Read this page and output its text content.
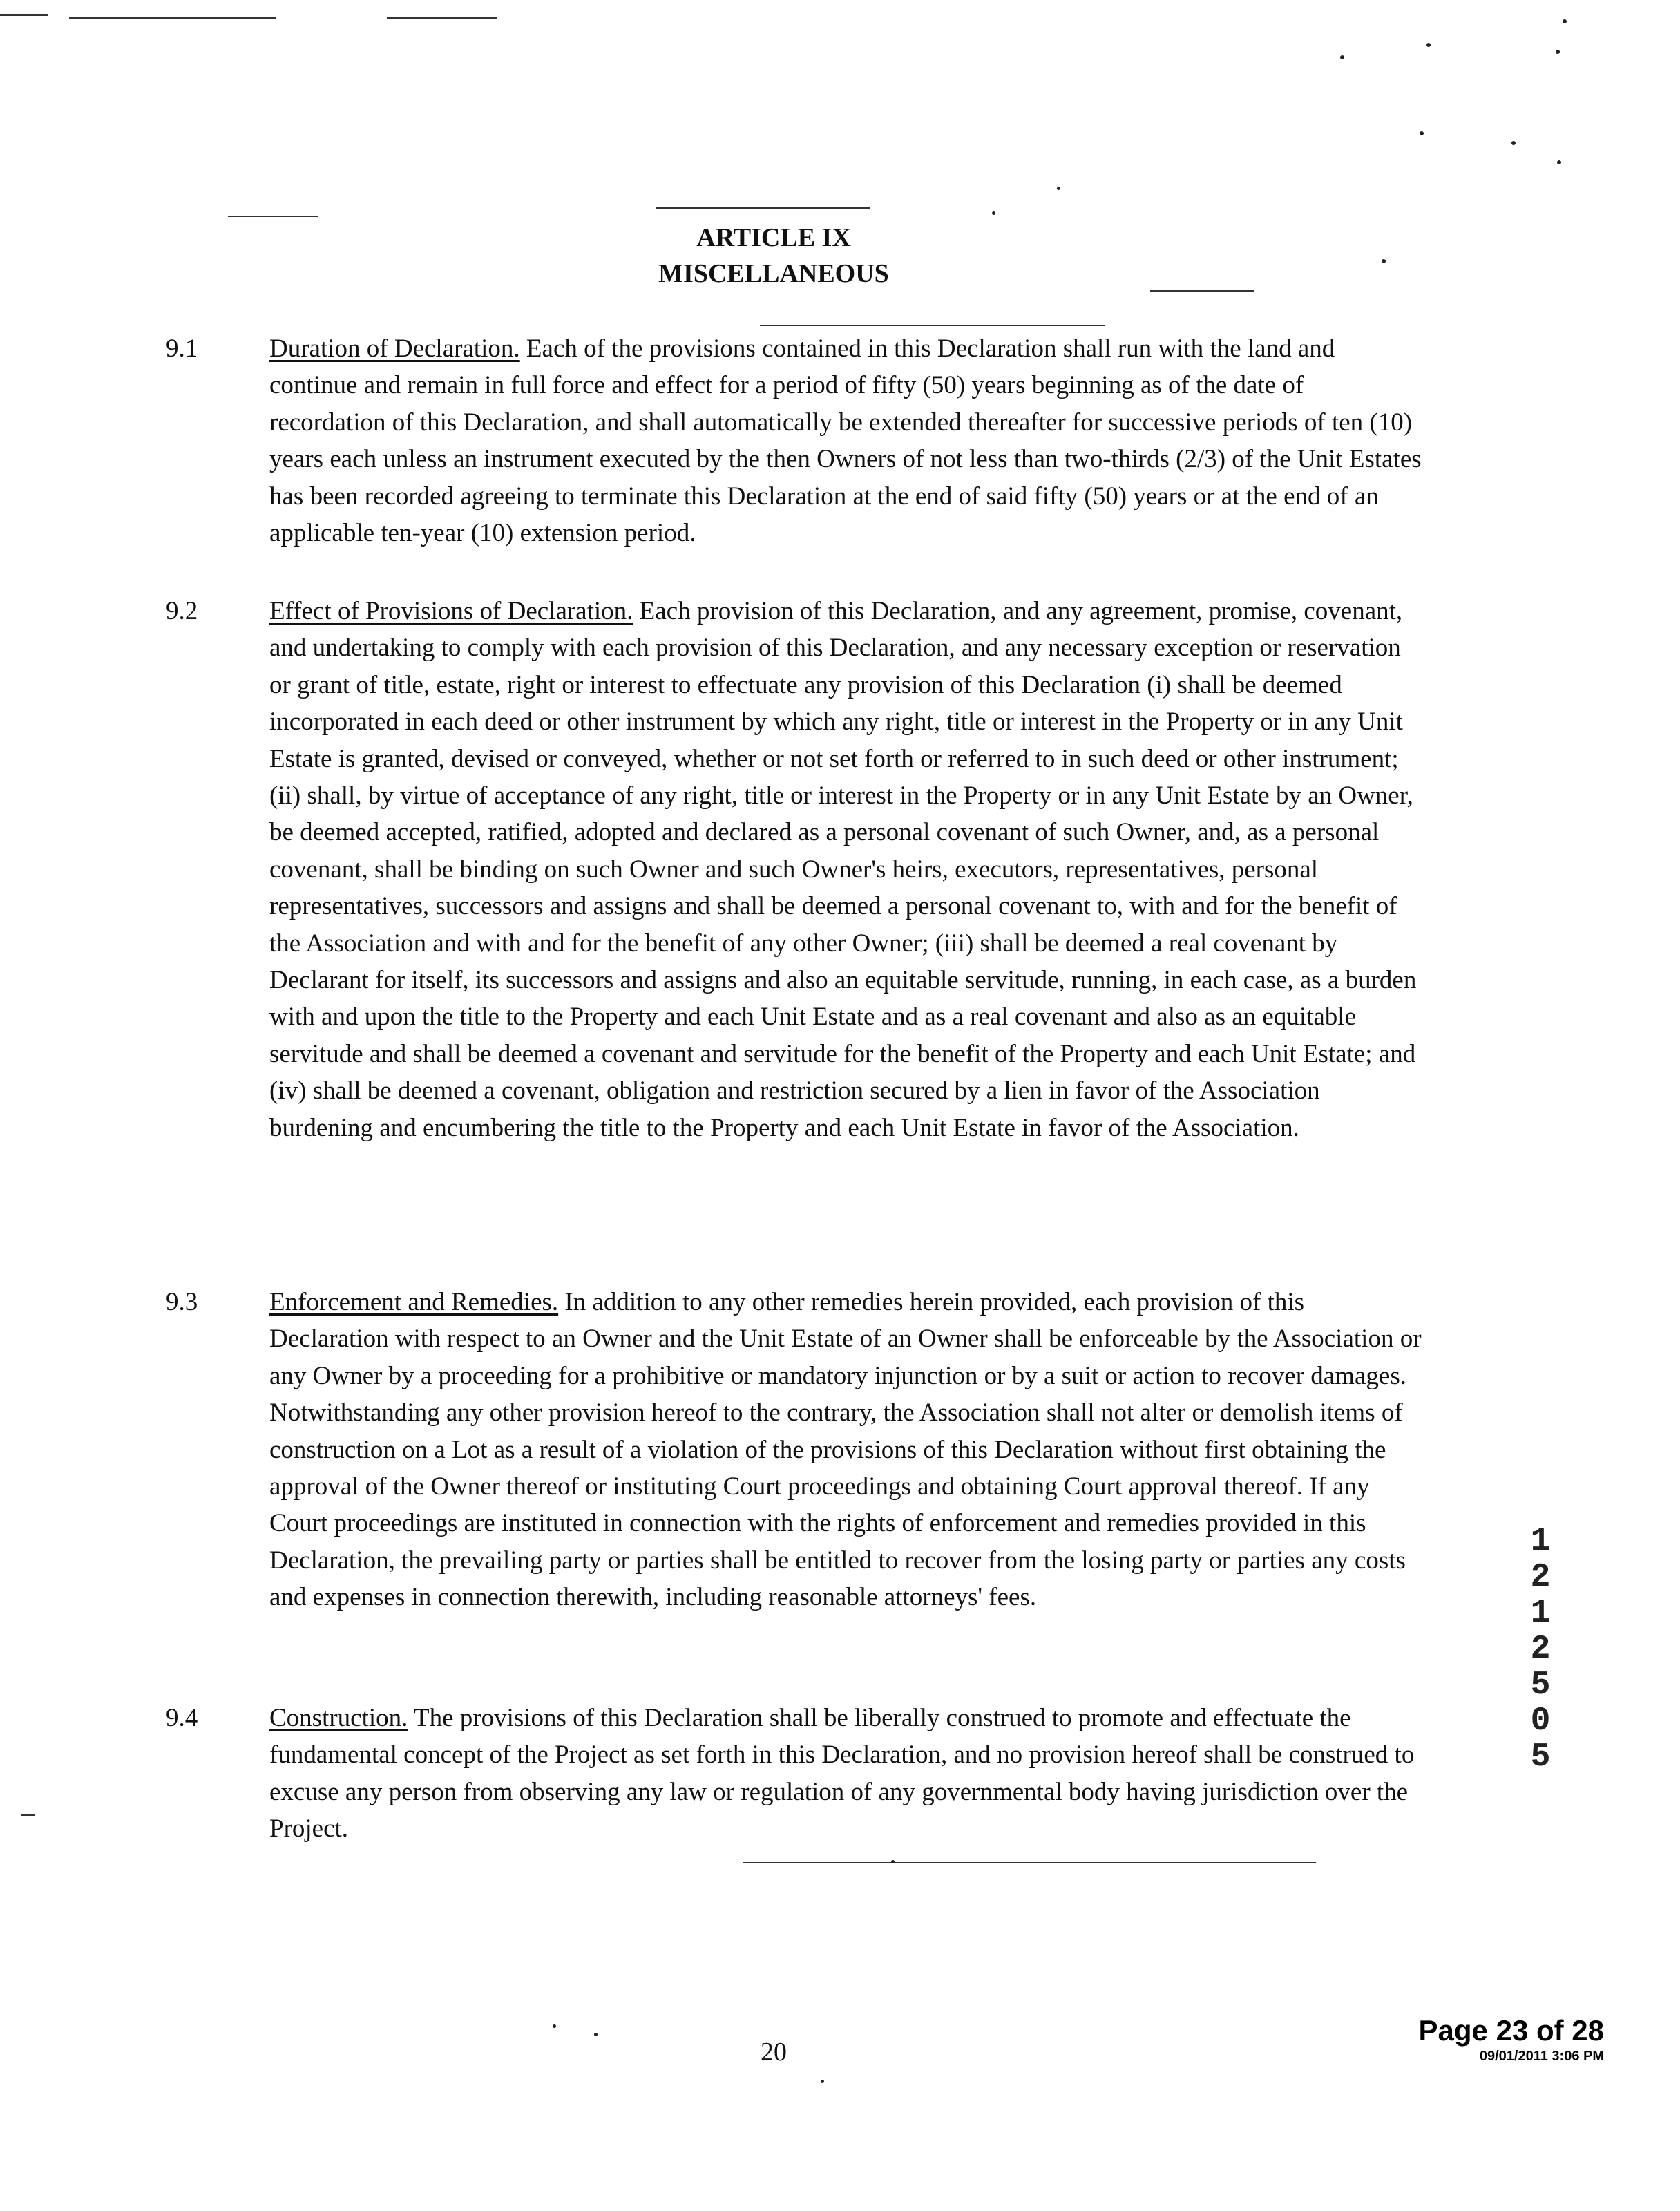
ARTICLE IX
MISCELLANEOUS
9.1	Duration of Declaration. Each of the provisions contained in this Declaration shall run with the land and continue and remain in full force and effect for a period of fifty (50) years beginning as of the date of recordation of this Declaration, and shall automatically be extended thereafter for successive periods of ten (10) years each unless an instrument executed by the then Owners of not less than two-thirds (2/3) of the Unit Estates has been recorded agreeing to terminate this Declaration at the end of said fifty (50) years or at the end of an applicable ten-year (10) extension period.
9.2	Effect of Provisions of Declaration. Each provision of this Declaration, and any agreement, promise, covenant, and undertaking to comply with each provision of this Declaration, and any necessary exception or reservation or grant of title, estate, right or interest to effectuate any provision of this Declaration (i) shall be deemed incorporated in each deed or other instrument by which any right, title or interest in the Property or in any Unit Estate is granted, devised or conveyed, whether or not set forth or referred to in such deed or other instrument; (ii) shall, by virtue of acceptance of any right, title or interest in the Property or in any Unit Estate by an Owner, be deemed accepted, ratified, adopted and declared as a personal covenant of such Owner, and, as a personal covenant, shall be binding on such Owner and such Owner's heirs, executors, representatives, personal representatives, successors and assigns and shall be deemed a personal covenant to, with and for the benefit of the Association and with and for the benefit of any other Owner; (iii) shall be deemed a real covenant by Declarant for itself, its successors and assigns and also an equitable servitude, running, in each case, as a burden with and upon the title to the Property and each Unit Estate and as a real covenant and also as an equitable servitude and shall be deemed a covenant and servitude for the benefit of the Property and each Unit Estate; and (iv) shall be deemed a covenant, obligation and restriction secured by a lien in favor of the Association burdening and encumbering the title to the Property and each Unit Estate in favor of the Association.
9.3	Enforcement and Remedies. In addition to any other remedies herein provided, each provision of this Declaration with respect to an Owner and the Unit Estate of an Owner shall be enforceable by the Association or any Owner by a proceeding for a prohibitive or mandatory injunction or by a suit or action to recover damages. Notwithstanding any other provision hereof to the contrary, the Association shall not alter or demolish items of construction on a Lot as a result of a violation of the provisions of this Declaration without first obtaining the approval of the Owner thereof or instituting Court proceedings and obtaining Court approval thereof. If any Court proceedings are instituted in connection with the rights of enforcement and remedies provided in this Declaration, the prevailing party or parties shall be entitled to recover from the losing party or parties any costs and expenses in connection therewith, including reasonable attorneys' fees.
9.4	Construction. The provisions of this Declaration shall be liberally construed to promote and effectuate the fundamental concept of the Project as set forth in this Declaration, and no provision hereof shall be construed to excuse any person from observing any law or regulation of any governmental body having jurisdiction over the Project.
1
2
1
2
5
0
5
20
Page 23 of 28
09/01/2011 3:06 PM
